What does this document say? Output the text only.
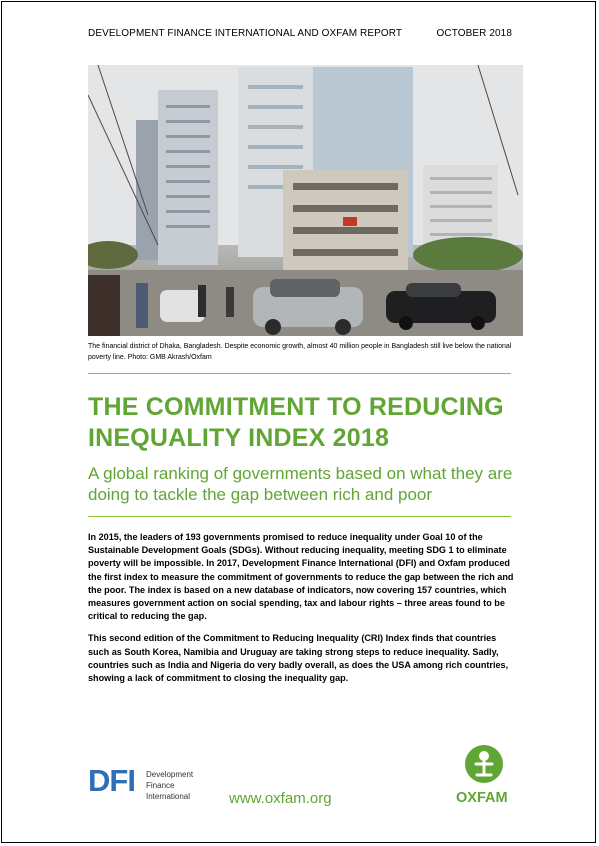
DEVELOPMENT FINANCE INTERNATIONAL AND OXFAM REPORT	OCTOBER 2018
The financial district of Dhaka, Bangladesh. Despite economic growth, almost 40 million people in Bangladesh still live below the national poverty line. Photo: GMB Akrash/Oxfam
THE COMMITMENT TO REDUCING INEQUALITY INDEX 2018
A global ranking of governments based on what they are doing to tackle the gap between rich and poor

In 2015, the leaders of 193 governments promised to reduce inequality under Goal 10 of the Sustainable Development Goals (SDGs). Without reducing inequality, meeting SDG 1 to eliminate poverty will be impossible. In 2017, Development Finance International (DFI) and Oxfam produced the first index to measure the commitment of governments to reduce the gap between the rich and the poor. The index is based on a new database of indicators, now covering 157 countries, which measures government action on social spending, tax and labour rights – three areas found to be critical to reducing the gap.

This second edition of the Commitment to Reducing Inequality (CRI) Index finds that countries such as South Korea, Namibia and Uruguay are taking strong steps to reduce inequality. Sadly, countries such as India and Nigeria do very badly overall, as does the USA among rich countries, showing a lack of commitment to closing the inequality gap.

DFI Development
Finance
International	www.oxfam.org	OXFAM
